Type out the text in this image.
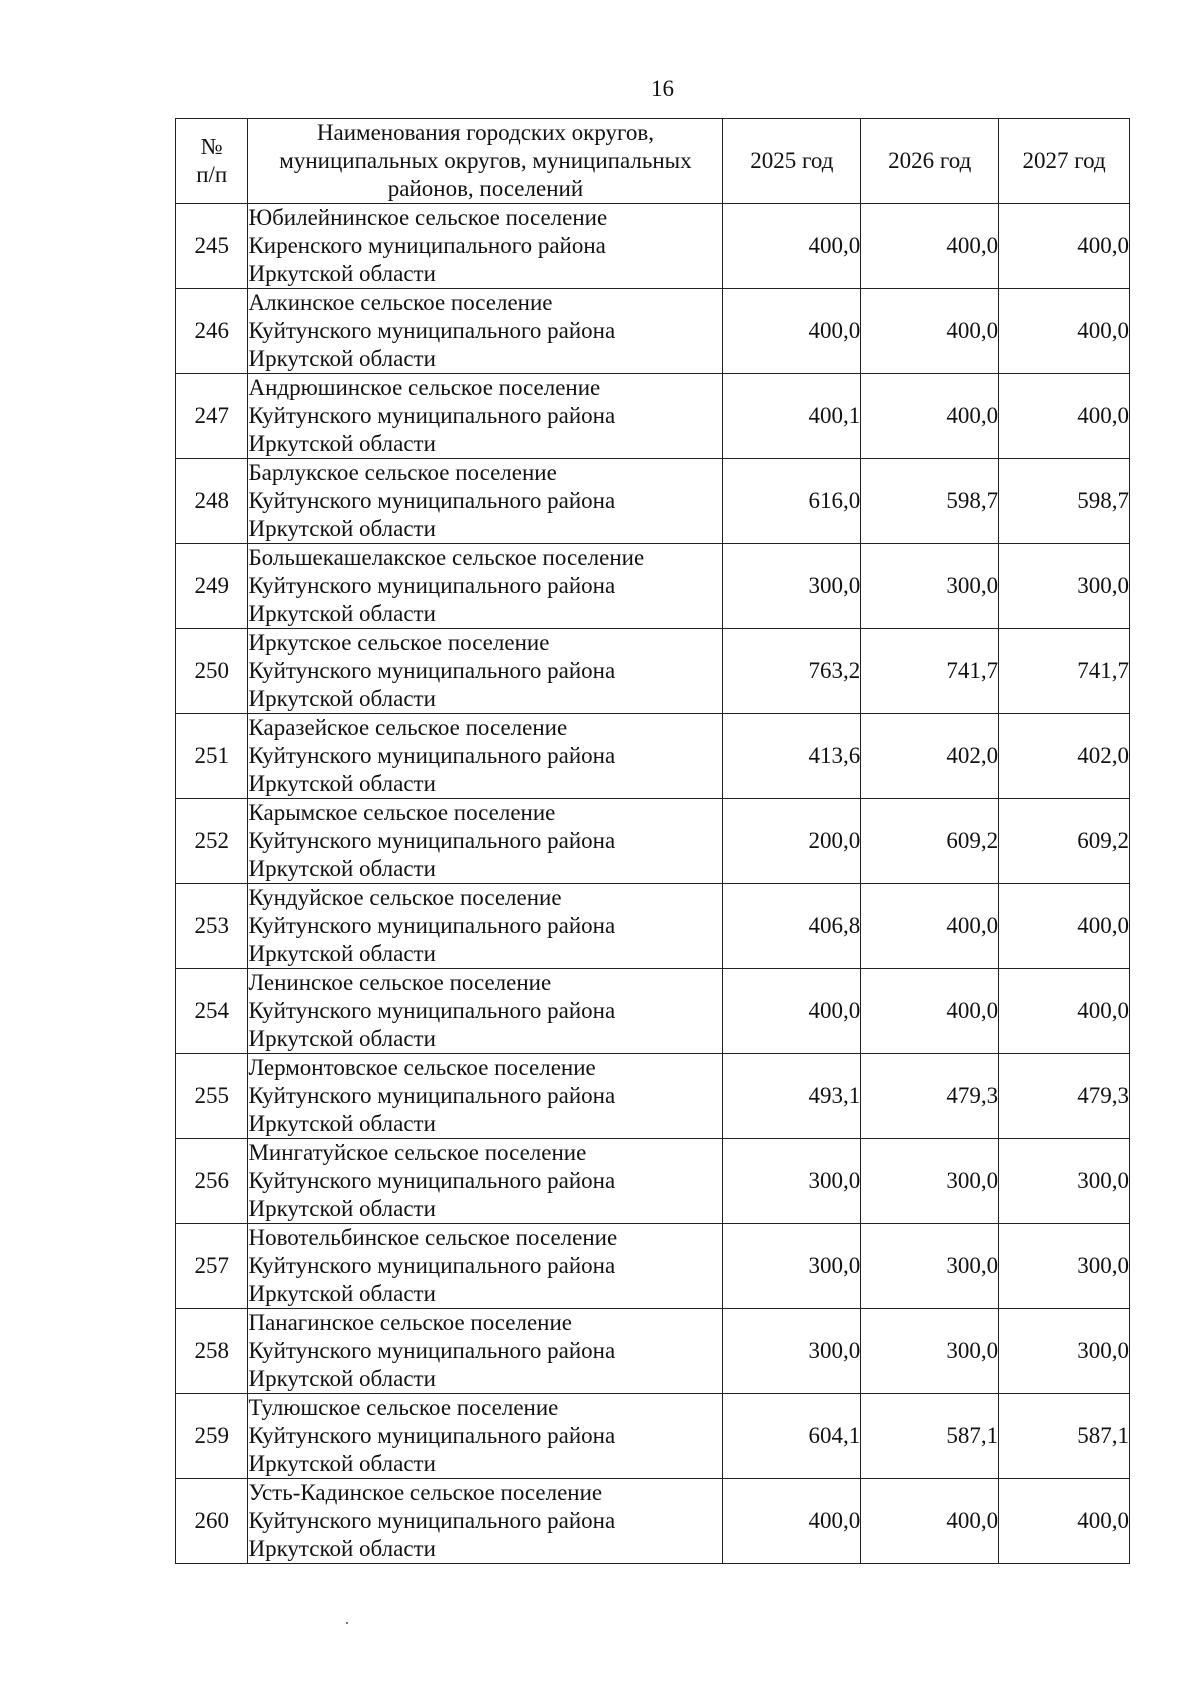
16
№
п/п	Наименования городских округов,
муниципальных округов, муниципальных
районов, поселений	2025 год	2026 год	2027 год
245	Юбилейнинское сельское поселение
Киренского муниципального района
Иркутской области	400,0	400,0	400,0
246	Алкинское сельское поселение
Куйтунского муниципального района
Иркутской области	400,0	400,0	400,0
247	Андрюшинское сельское поселение
Куйтунского муниципального района
Иркутской области	400,1	400,0	400,0
248	Барлукское сельское поселение
Куйтунского муниципального района
Иркутской области	616,0	598,7	598,7
249	Большекашелакское сельское поселение
Куйтунского муниципального района
Иркутской области	300,0	300,0	300,0
250	Иркутское сельское поселение
Куйтунского муниципального района
Иркутской области	763,2	741,7	741,7
251	Каразейское сельское поселение
Куйтунского муниципального района
Иркутской области	413,6	402,0	402,0
252	Карымское сельское поселение
Куйтунского муниципального района
Иркутской области	200,0	609,2	609,2
253	Кундуйское сельское поселение
Куйтунского муниципального района
Иркутской области	406,8	400,0	400,0
254	Ленинское сельское поселение
Куйтунского муниципального района
Иркутской области	400,0	400,0	400,0
255	Лермонтовское сельское поселение
Куйтунского муниципального района
Иркутской области	493,1	479,3	479,3
256	Мингатуйское сельское поселение
Куйтунского муниципального района
Иркутской области	300,0	300,0	300,0
257	Новотельбинское сельское поселение
Куйтунского муниципального района
Иркутской области	300,0	300,0	300,0
258	Панагинское сельское поселение
Куйтунского муниципального района
Иркутской области	300,0	300,0	300,0
259	Тулюшское сельское поселение
Куйтунского муниципального района
Иркутской области	604,1	587,1	587,1
260	Усть-Кадинское сельское поселение
Куйтунского муниципального района
Иркутской области	400,0	400,0	400,0
